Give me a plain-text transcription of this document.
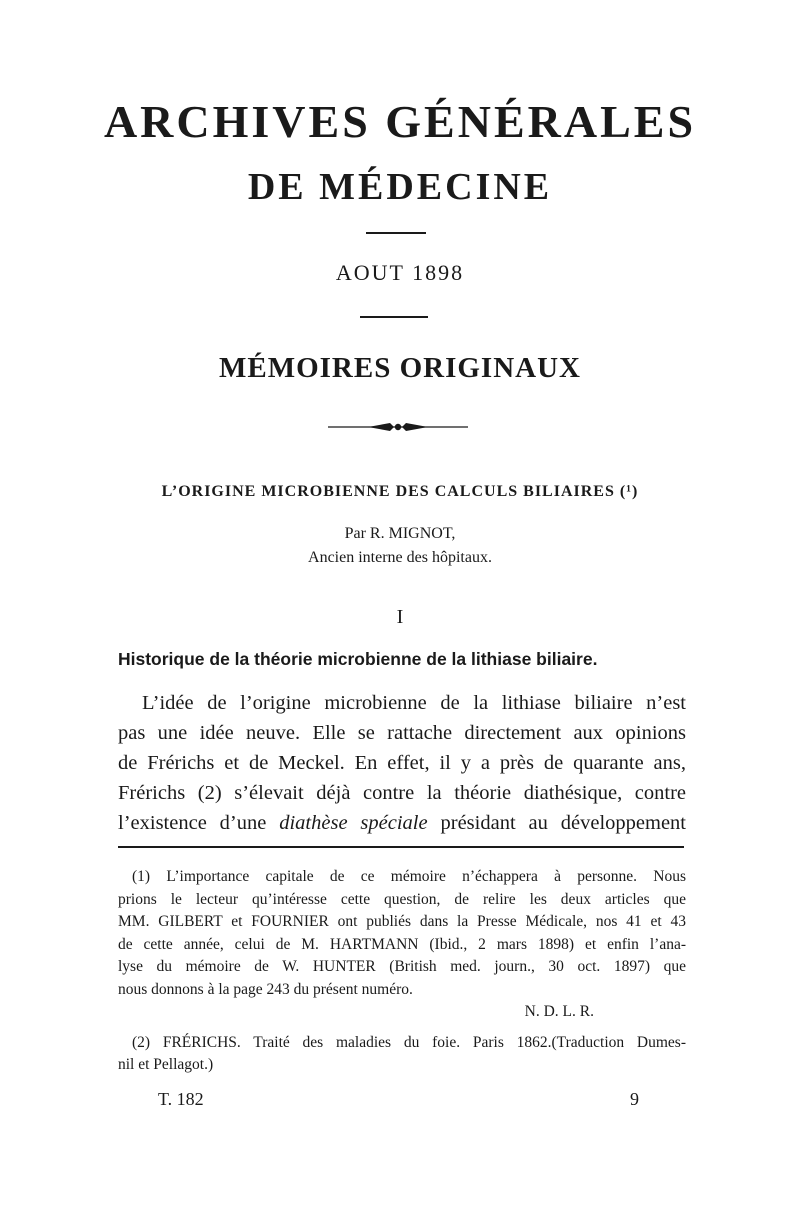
ARCHIVES GÉNÉRALES
DE MÉDECINE
AOUT 1898
MÉMOIRES ORIGINAUX
L’ORIGINE MICROBIENNE DES CALCULS BILIAIRES (¹)
Par R. MIGNOT,
Ancien interne des hôpitaux.
I
Historique de la théorie microbienne de la lithiase biliaire.
L’idée de l’origine microbienne de la lithiase biliaire n’est
pas une idée neuve. Elle se rattache directement aux opinions
de Frérichs et de Meckel. En effet, il y a près de quarante ans,
Frérichs (2) s’élevait déjà contre la théorie diathésique, contre
l’existence d’une diathèse spéciale présidant au développement
(1) L’importance capitale de ce mémoire n’échappera à personne. Nous
prions le lecteur qu’intéresse cette question, de relire les deux articles que
MM. GILBERT et FOURNIER ont publiés dans la Presse Médicale, nos 41 et 43
de cette année, celui de M. HARTMANN (Ibid., 2 mars 1898) et enfin l’ana-
lyse du mémoire de W. HUNTER (British med. journ., 30 oct. 1897) que
nous donnons à la page 243 du présent numéro.
N. D. L. R.
(2) FRÉRICHS. Traité des maladies du foie. Paris 1862.(Traduction Dumes-
nil et Pellagot.)
T. 182	9
